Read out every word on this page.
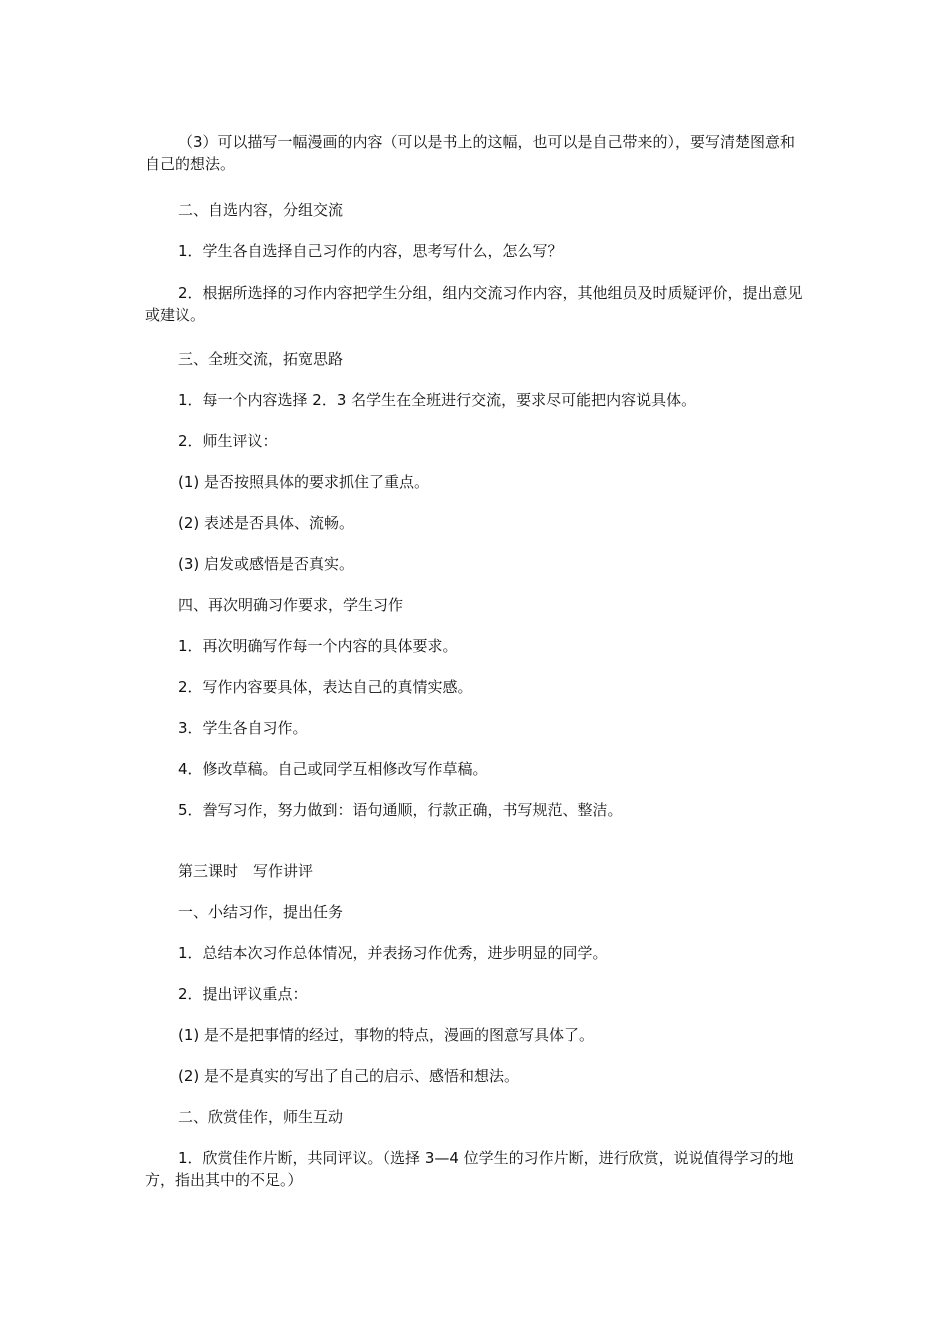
（3）可以描写一幅漫画的内容（可以是书上的这幅，也可以是自己带来的），要写清楚图意和自己的想法。

二、自选内容，分组交流

1．学生各自选择自己习作的内容，思考写什么，怎么写？

2．根据所选择的习作内容把学生分组，组内交流习作内容，其他组员及时质疑评价，提出意见或建议。

三、全班交流，拓宽思路

1．每一个内容选择 2．3 名学生在全班进行交流，要求尽可能把内容说具体。

2．师生评议：

(1) 是否按照具体的要求抓住了重点。

(2) 表述是否具体、流畅。

(3) 启发或感悟是否真实。

四、再次明确习作要求，学生习作

1．再次明确写作每一个内容的具体要求。

2．写作内容要具体，表达自己的真情实感。

3．学生各自习作。

4．修改草稿。自己或同学互相修改写作草稿。

5．誊写习作，努力做到：语句通顺，行款正确，书写规范、整洁。

第三课时　写作讲评

一、小结习作，提出任务

1．总结本次习作总体情况，并表扬习作优秀，进步明显的同学。

2．提出评议重点：

(1) 是不是把事情的经过，事物的特点，漫画的图意写具体了。

(2) 是不是真实的写出了自己的启示、感悟和想法。

二、欣赏佳作，师生互动

1．欣赏佳作片断，共同评议。（选择 3—4 位学生的习作片断，进行欣赏，说说值得学习的地方，指出其中的不足。）
